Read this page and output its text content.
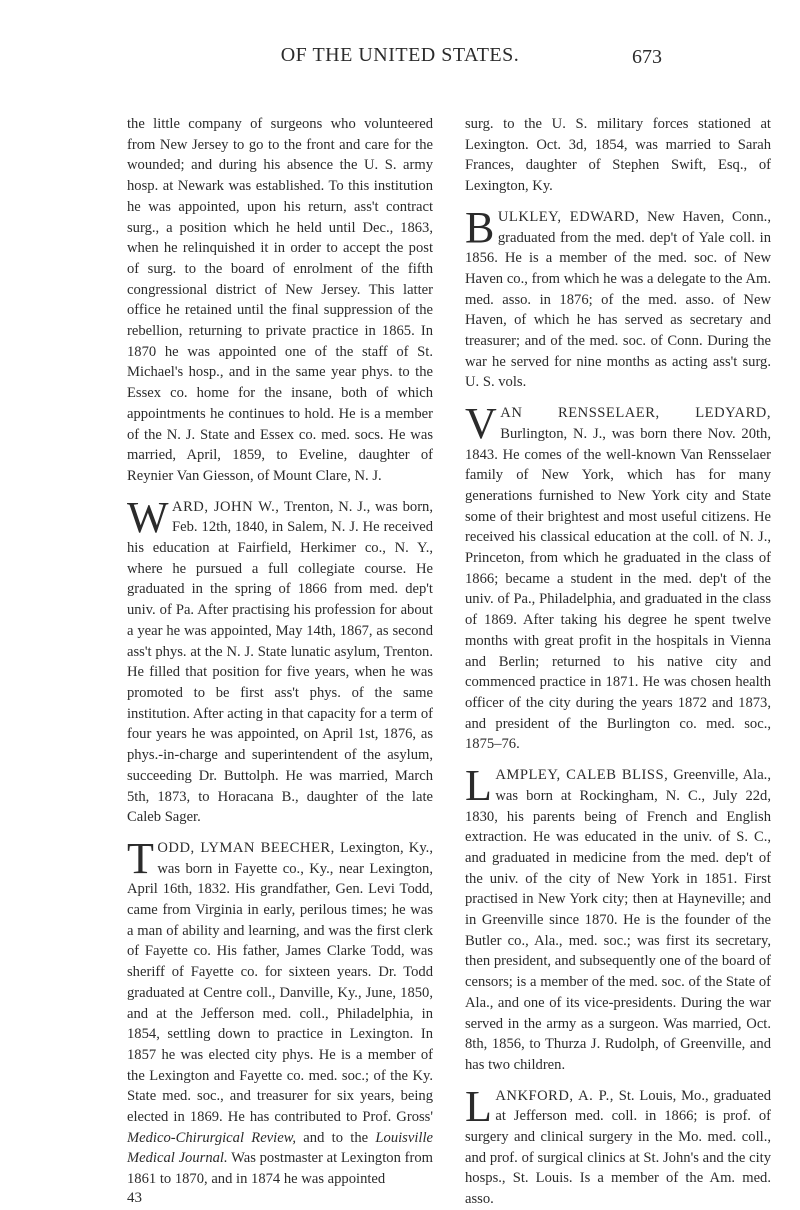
OF THE UNITED STATES.	673

the little company of surgeons who volunteered from New Jersey to go to the front and care for the wounded; and during his absence the U. S. army hosp. at Newark was established. To this institution he was appointed, upon his return, ass't contract surg., a position which he held until Dec., 1863, when he relinquished it in order to accept the post of surg. to the board of enrolment of the fifth congressional district of New Jersey. This latter office he retained until the final suppression of the rebellion, returning to private practice in 1865. In 1870 he was appointed one of the staff of St. Michael's hosp., and in the same year phys. to the Essex co. home for the insane, both of which appointments he continues to hold. He is a member of the N. J. State and Essex co. med. socs. He was married, April, 1859, to Eveline, daughter of Reynier Van Giesson, of Mount Clare, N. J.

WARD, JOHN W., Trenton, N. J., was born, Feb. 12th, 1840, in Salem, N. J. He received his education at Fairfield, Herkimer co., N. Y., where he pursued a full collegiate course. He graduated in the spring of 1866 from med. dep't univ. of Pa. After practising his profession for about a year he was appointed, May 14th, 1867, as second ass't phys. at the N. J. State lunatic asylum, Trenton. He filled that position for five years, when he was promoted to be first ass't phys. of the same institution. After acting in that capacity for a term of four years he was appointed, on April 1st, 1876, as phys.-in-charge and superintendent of the asylum, succeeding Dr. Buttolph. He was married, March 5th, 1873, to Horacana B., daughter of the late Caleb Sager.

TODD, LYMAN BEECHER, Lexington, Ky., was born in Fayette co., Ky., near Lexington, April 16th, 1832. His grandfather, Gen. Levi Todd, came from Virginia in early, perilous times; he was a man of ability and learning, and was the first clerk of Fayette co. His father, James Clarke Todd, was sheriff of Fayette co. for sixteen years. Dr. Todd graduated at Centre coll., Danville, Ky., June, 1850, and at the Jefferson med. coll., Philadelphia, in 1854, settling down to practice in Lexington. In 1857 he was elected city phys. He is a member of the Lexington and Fayette co. med. soc.; of the Ky. State med. soc., and treasurer for six years, being elected in 1869. He has contributed to Prof. Gross' Medico-Chirurgical Review, and to the Louisville Medical Journal. Was postmaster at Lexington from 1861 to 1870, and in 1874 he was appointed

surg. to the U. S. military forces stationed at Lexington. Oct. 3d, 1854, was married to Sarah Frances, daughter of Stephen Swift, Esq., of Lexington, Ky.

BULKLEY, EDWARD, New Haven, Conn., graduated from the med. dep't of Yale coll. in 1856. He is a member of the med. soc. of New Haven co., from which he was a delegate to the Am. med. asso. in 1876; of the med. asso. of New Haven, of which he has served as secretary and treasurer; and of the med. soc. of Conn. During the war he served for nine months as acting ass't surg. U. S. vols.

VAN RENSSELAER, LEDYARD, Burlington, N. J., was born there Nov. 20th, 1843. He comes of the well-known Van Rensselaer family of New York, which has for many generations furnished to New York city and State some of their brightest and most useful citizens. He received his classical education at the coll. of N. J., Princeton, from which he graduated in the class of 1866; became a student in the med. dep't of the univ. of Pa., Philadelphia, and graduated in the class of 1869. After taking his degree he spent twelve months with great profit in the hospitals in Vienna and Berlin; returned to his native city and commenced practice in 1871. He was chosen health officer of the city during the years 1872 and 1873, and president of the Burlington co. med. soc., 1875–76.

LAMPLEY, CALEB BLISS, Greenville, Ala., was born at Rockingham, N. C., July 22d, 1830, his parents being of French and English extraction. He was educated in the univ. of S. C., and graduated in medicine from the med. dep't of the univ. of the city of New York in 1851. First practised in New York city; then at Hayneville; and in Greenville since 1870. He is the founder of the Butler co., Ala., med. soc.; was first its secretary, then president, and subsequently one of the board of censors; is a member of the med. soc. of the State of Ala., and one of its vice-presidents. During the war served in the army as a surgeon. Was married, Oct. 8th, 1856, to Thurza J. Rudolph, of Greenville, and has two children.

LANKFORD, A. P., St. Louis, Mo., graduated at Jefferson med. coll. in 1866; is prof. of surgery and clinical surgery in the Mo. med. coll., and prof. of surgical clinics at St. John's and the city hosps., St. Louis. Is a member of the Am. med. asso.

43
